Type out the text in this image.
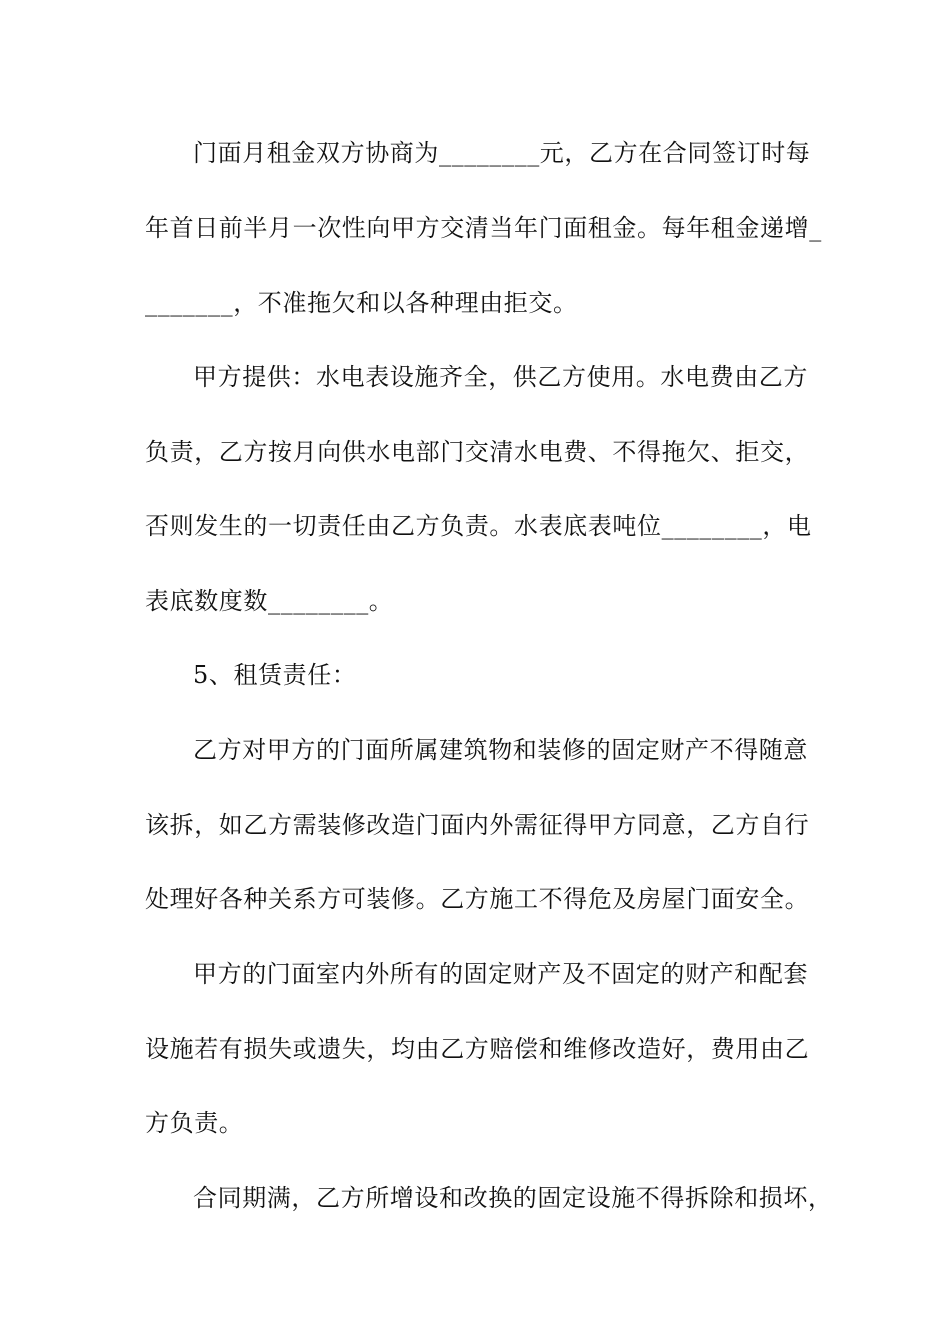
门面月租金双方协商为________元，乙方在合同签订时每
年首日前半月一次性向甲方交清当年门面租金。每年租金递增_
_______，不准拖欠和以各种理由拒交。
甲方提供：水电表设施齐全，供乙方使用。水电费由乙方
负责，乙方按月向供水电部门交清水电费、不得拖欠、拒交，
否则发生的一切责任由乙方负责。水表底表吨位________，电
表底数度数________。
5、租赁责任：
乙方对甲方的门面所属建筑物和装修的固定财产不得随意
该拆，如乙方需装修改造门面内外需征得甲方同意，乙方自行
处理好各种关系方可装修。乙方施工不得危及房屋门面安全。
甲方的门面室内外所有的固定财产及不固定的财产和配套
设施若有损失或遗失，均由乙方赔偿和维修改造好，费用由乙
方负责。
合同期满，乙方所增设和改换的固定设施不得拆除和损坏，
